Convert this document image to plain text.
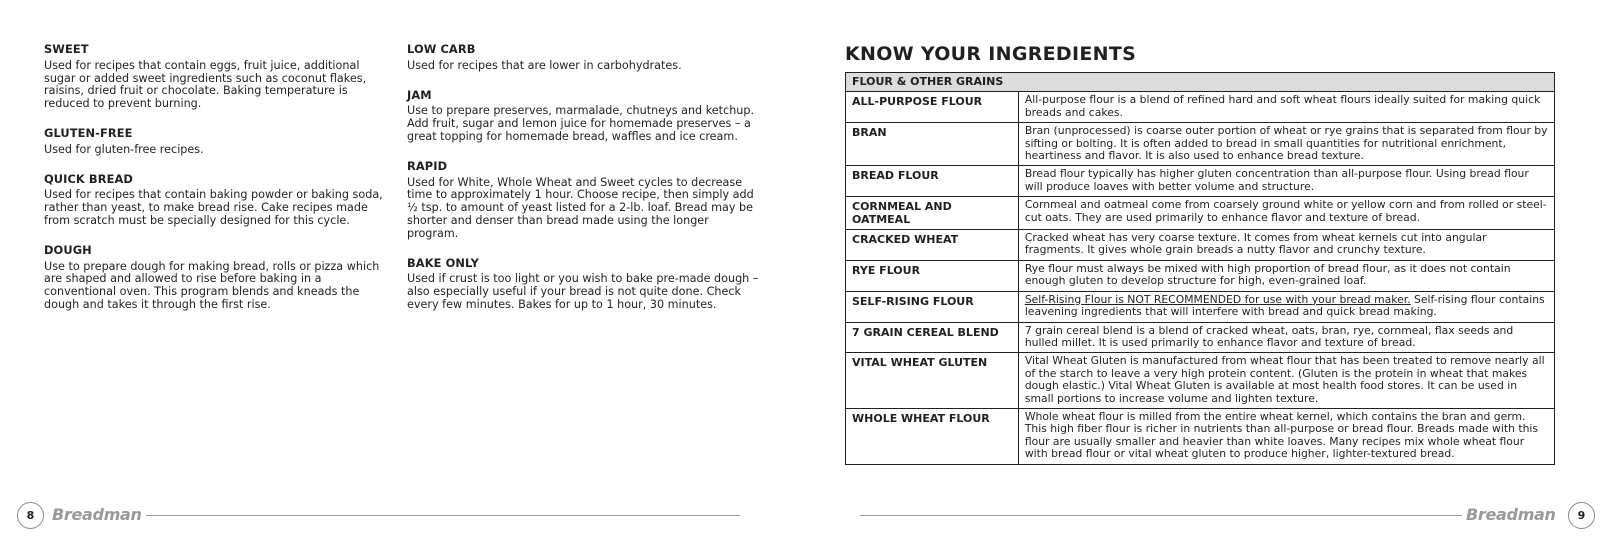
SWEET
Used for recipes that contain eggs, fruit juice, additional sugar or added sweet ingredients such as coconut flakes, raisins, dried fruit or chocolate. Baking temperature is reduced to prevent burning.
GLUTEN-FREE
Used for gluten-free recipes.
QUICK BREAD
Used for recipes that contain baking powder or baking soda, rather than yeast, to make bread rise. Cake recipes made from scratch must be specially designed for this cycle.
DOUGH
Use to prepare dough for making bread, rolls or pizza which are shaped and allowed to rise before baking in a conventional oven. This program blends and kneads the dough and takes it through the first rise.
LOW CARB
Used for recipes that are lower in carbohydrates.
JAM
Use to prepare preserves, marmalade, chutneys and ketchup. Add fruit, sugar and lemon juice for homemade preserves – a great topping for homemade bread, waffles and ice cream.
RAPID
Used for White, Whole Wheat and Sweet cycles to decrease time to approximately 1 hour. Choose recipe, then simply add ½ tsp. to amount of yeast listed for a 2-lb. loaf. Bread may be shorter and denser than bread made using the longer program.
BAKE ONLY
Used if crust is too light or you wish to bake pre-made dough – also especially useful if your bread is not quite done. Check every few minutes. Bakes for up to 1 hour, 30 minutes.
KNOW YOUR INGREDIENTS
FLOUR & OTHER GRAINS	
ALL-PURPOSE FLOUR	All-purpose flour is a blend of refined hard and soft wheat flours ideally suited for making quick breads and cakes.
BRAN	Bran (unprocessed) is coarse outer portion of wheat or rye grains that is separated from flour by sifting or bolting. It is often added to bread in small quantities for nutritional enrichment, heartiness and flavor. It is also used to enhance bread texture.
BREAD FLOUR	Bread flour typically has higher gluten concentration than all-purpose flour. Using bread flour will produce loaves with better volume and structure.
CORNMEAL AND OATMEAL	Cornmeal and oatmeal come from coarsely ground white or yellow corn and from rolled or steel-cut oats. They are used primarily to enhance flavor and texture of bread.
CRACKED WHEAT	Cracked wheat has very coarse texture. It comes from wheat kernels cut into angular fragments. It gives whole grain breads a nutty flavor and crunchy texture.
RYE FLOUR	Rye flour must always be mixed with high proportion of bread flour, as it does not contain enough gluten to develop structure for high, even-grained loaf.
SELF-RISING FLOUR	Self-Rising Flour is NOT RECOMMENDED for use with your bread maker. Self-rising flour contains leavening ingredients that will interfere with bread and quick bread making.
7 GRAIN CEREAL BLEND	7 grain cereal blend is a blend of cracked wheat, oats, bran, rye, cornmeal, flax seeds and hulled millet. It is used primarily to enhance flavor and texture of bread.
VITAL WHEAT GLUTEN	Vital Wheat Gluten is manufactured from wheat flour that has been treated to remove nearly all of the starch to leave a very high protein content. (Gluten is the protein in wheat that makes dough elastic.) Vital Wheat Gluten is available at most health food stores. It can be used in small portions to increase volume and lighten texture.
WHOLE WHEAT FLOUR	Whole wheat flour is milled from the entire wheat kernel, which contains the bran and germ. This high fiber flour is richer in nutrients than all-purpose or bread flour. Breads made with this flour are usually smaller and heavier than white loaves. Many recipes mix whole wheat flour with bread flour or vital wheat gluten to produce higher, lighter-textured bread.
8	Breadman	Breadman	9
